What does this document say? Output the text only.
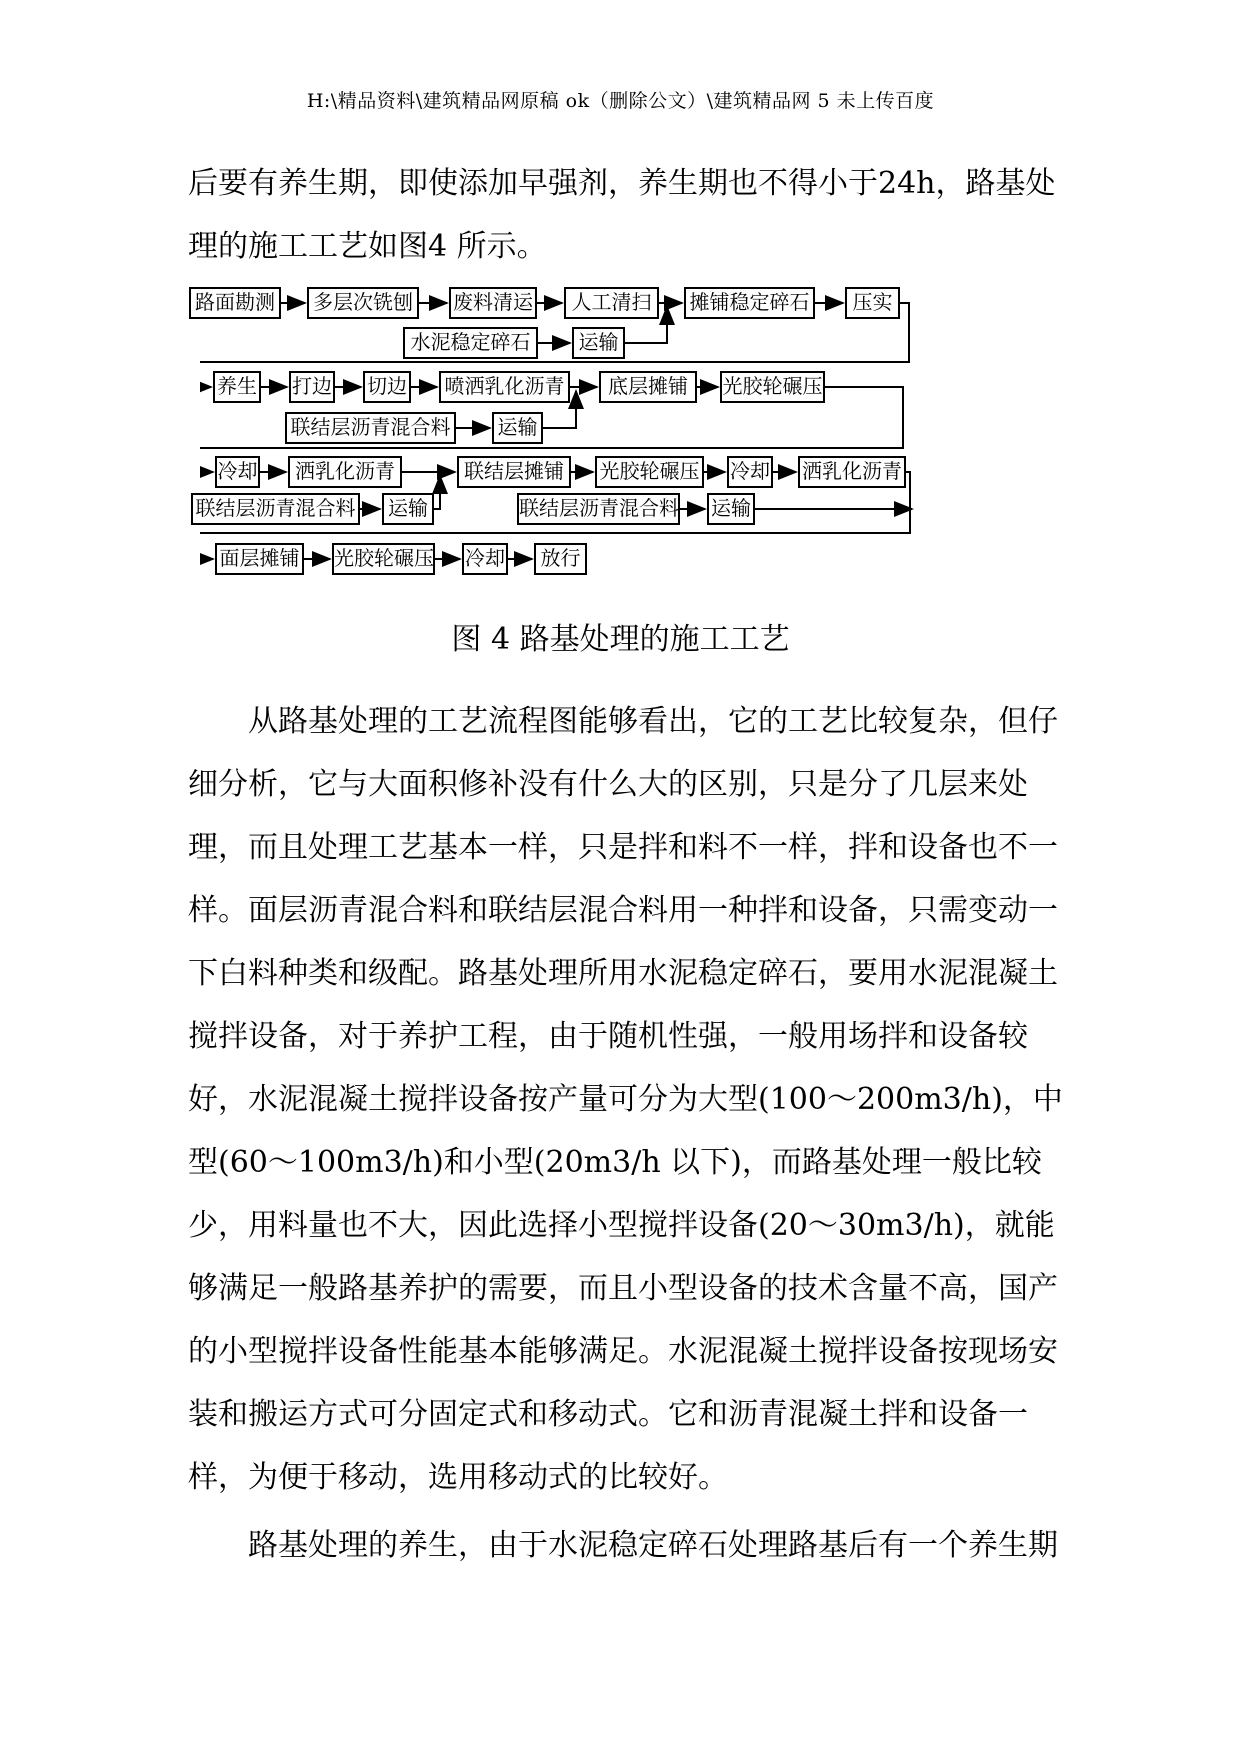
H:\精品资料\建筑精品网原稿 ok（删除公文）\建筑精品网 5 未上传百度

后要有养生期，即使添加早强剂，养生期也不得小于24h，路基处理的施工工艺如图4 所示。

路面勘测	多层次铣刨	废料清运	人工清扫	摊铺稳定碎石	压实
水泥稳定碎石	运输
养生 打边 切边 喷洒乳化沥青	底层摊铺	光胶轮碾压
联结层沥青混合料 运输
冷却	洒乳化沥青	联结层摊铺	光胶轮碾压 冷却 洒乳化沥青
联结层沥青混合料	运输	联结层沥青混合料 运输
面层摊铺 光胶轮碾压 冷却	放行
图 4 路基处理的施工工艺

从路基处理的工艺流程图能够看出，它的工艺比较复杂，但仔细分析，它与大面积修补没有什么大的区别，只是分了几层来处理，而且处理工艺基本一样，只是拌和料不一样，拌和设备也不一样。面层沥青混合料和联结层混合料用一种拌和设备，只需变动一下白料种类和级配。路基处理所用水泥稳定碎石，要用水泥混凝土搅拌设备，对于养护工程，由于随机性强，一般用场拌和设备较好，水泥混凝土搅拌设备按产量可分为大型(100～200m3/h)，中型(60～100m3/h)和小型(20m3/h 以下)，而路基处理一般比较少，用料量也不大，因此选择小型搅拌设备(20～30m3/h)，就能够满足一般路基养护的需要，而且小型设备的技术含量不高，国产的小型搅拌设备性能基本能够满足。水泥混凝土搅拌设备按现场安装和搬运方式可分固定式和移动式。它和沥青混凝土拌和设备一样，为便于移动，选用移动式的比较好。

路基处理的养生，由于水泥稳定碎石处理路基后有一个养生期
